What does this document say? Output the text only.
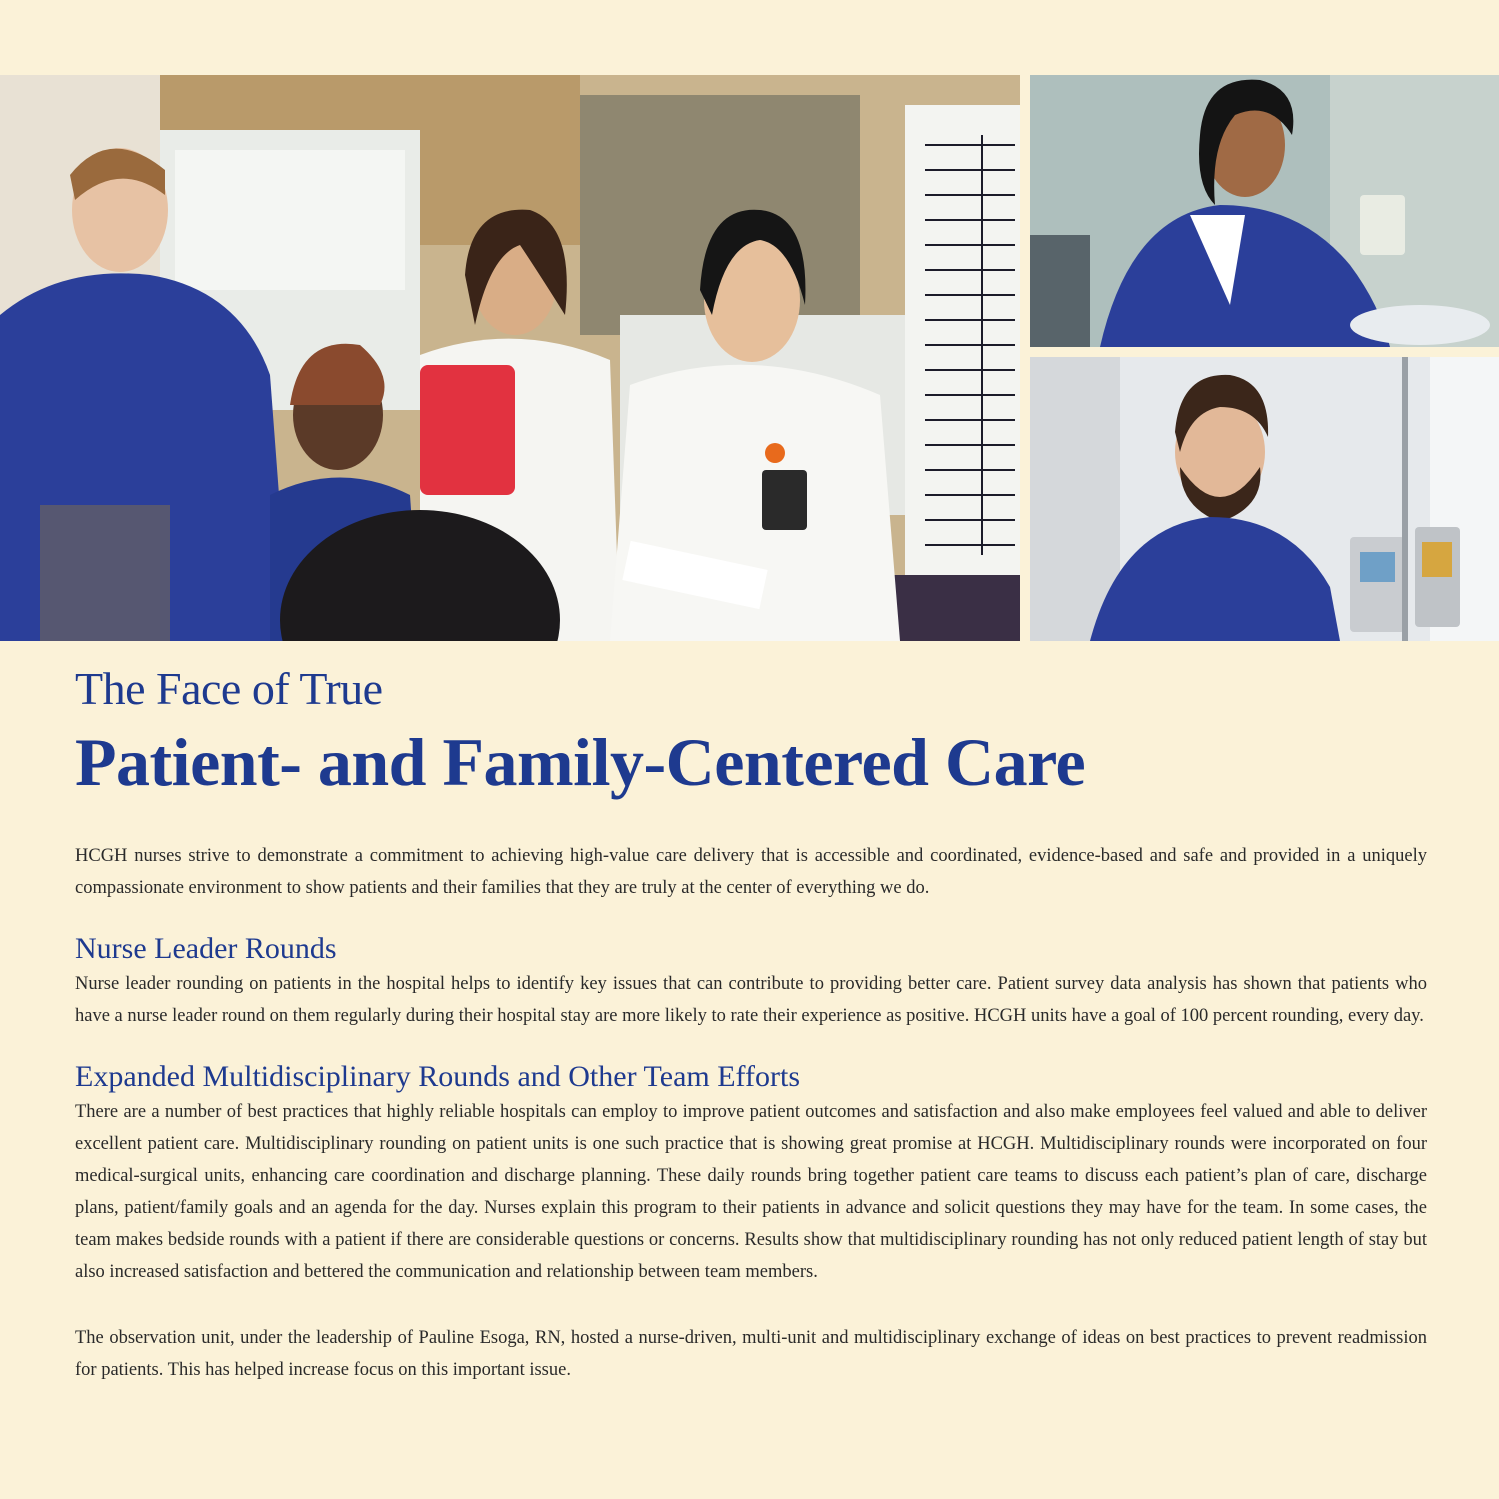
The Face of True
Patient- and Family-Centered Care

HCGH nurses strive to demonstrate a commitment to achieving high-value care delivery that is accessible and coordinated, evidence-based and safe and provided in a uniquely compassionate environment to show patients and their families that they are truly at the center of everything we do.

Nurse Leader Rounds

Nurse leader rounding on patients in the hospital helps to identify key issues that can contribute to providing better care. Patient survey data analysis has shown that patients who have a nurse leader round on them regularly during their hospital stay are more likely to rate their experience as positive. HCGH units have a goal of 100 percent rounding, every day.

Expanded Multidisciplinary Rounds and Other Team Efforts

There are a number of best practices that highly reliable hospitals can employ to improve patient outcomes and satisfaction and also make employees feel valued and able to deliver excellent patient care. Multidisciplinary rounding on patient units is one such practice that is showing great promise at HCGH. Multidisciplinary rounds were incorporated on four medical-surgical units, enhancing care coordination and discharge planning. These daily rounds bring together patient care teams to discuss each patient’s plan of care, discharge plans, patient/family goals and an agenda for the day. Nurses explain this program to their patients in advance and solicit questions they may have for the team. In some cases, the team makes bedside rounds with a patient if there are considerable questions or concerns. Results show that multidisciplinary rounding has not only reduced patient length of stay but also increased satisfaction and bettered the communication and relationship between team members.

The observation unit, under the leadership of Pauline Esoga, RN, hosted a nurse-driven, multi-unit and multidisciplinary exchange of ideas on best practices to prevent readmission for patients. This has helped increase focus on this important issue.
